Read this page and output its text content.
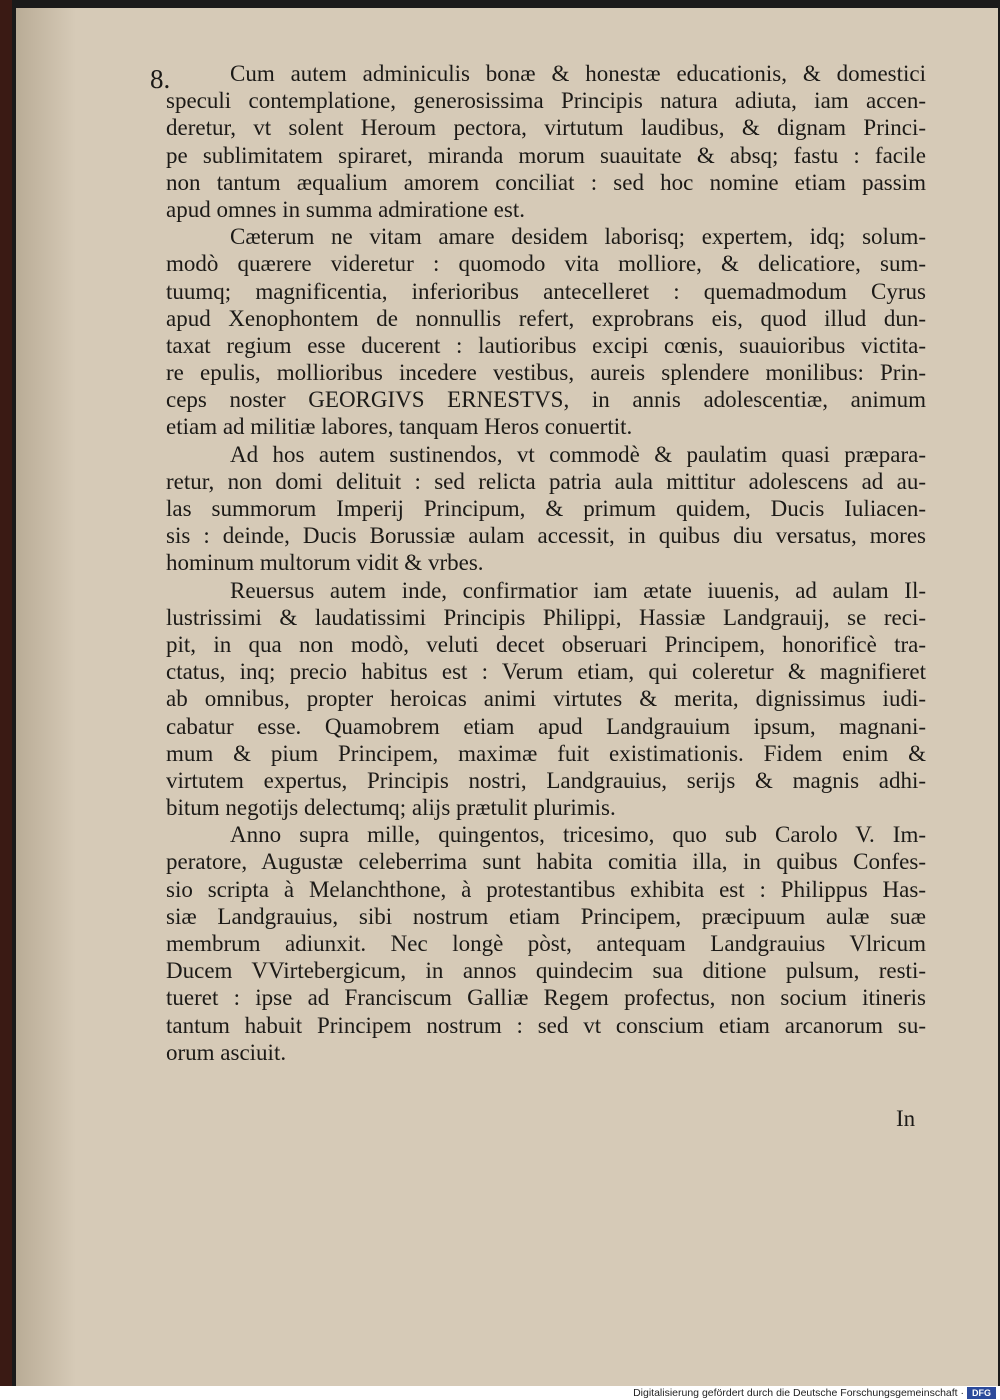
8.	Cum autem adminiculis bonæ & honestæ educationis, & domestici
speculi contemplatione, generosissima Principis natura adiuta, iam accen-
deretur, vt solent Heroum pectora, virtutum laudibus, & dignam Princi-
pe sublimitatem spiraret, miranda morum suauitate & absq; fastu : facile
non tantum æqualium amorem conciliat : sed hoc nomine etiam passim
apud omnes in summa admiratione est.
Cæterum ne vitam amare desidem laborisq; expertem, idq; solum-
modò quærere videretur : quomodo vita molliore, & delicatiore, sum-
tuumq; magnificentia, inferioribus antecelleret : quemadmodum Cyrus
apud Xenophontem de nonnullis refert, exprobrans eis, quod illud dun-
taxat regium esse ducerent : lautioribus excipi cœnis, suauioribus victita-
re epulis, mollioribus incedere vestibus, aureis splendere monilibus: Prin-
ceps noster GEORGIVS ERNESTVS, in annis adolescentiæ, animum
etiam ad militiæ labores, tanquam Heros conuertit.
Ad hos autem sustinendos, vt commodè & paulatim quasi præpara-
retur, non domi delituit : sed relicta patria aula mittitur adolescens ad au-
las summorum Imperij Principum, & primum quidem, Ducis Iuliacen-
sis : deinde, Ducis Borussiæ aulam accessit, in quibus diu versatus, mores
hominum multorum vidit & vrbes.
Reuersus autem inde, confirmatior iam ætate iuuenis, ad aulam Il-
lustrissimi & laudatissimi Principis Philippi, Hassiæ Landgrauij, se reci-
pit, in qua non modò, veluti decet obseruari Principem, honorificè tra-
ctatus, inq; precio habitus est : Verum etiam, qui coleretur & magnifieret
ab omnibus, propter heroicas animi virtutes & merita, dignissimus iudi-
cabatur esse. Quamobrem etiam apud Landgrauium ipsum, magnani-
mum & pium Principem, maximæ fuit existimationis. Fidem enim &
virtutem expertus, Principis nostri, Landgrauius, serijs & magnis adhi-
bitum negotijs delectumq; alijs prætulit plurimis.
Anno supra mille, quingentos, tricesimo, quo sub Carolo V. Im-
peratore, Augustæ celeberrima sunt habita comitia illa, in quibus Confes-
sio scripta à Melanchthone, à protestantibus exhibita est : Philippus Has-
siæ Landgrauius, sibi nostrum etiam Principem, præcipuum aulæ suæ
membrum adiunxit. Nec longè pòst, antequam Landgrauius Vlricum
Ducem VVirtebergicum, in annos quindecim sua ditione pulsum, resti-
tueret : ipse ad Franciscum Galliæ Regem profectus, non socium itineris
tantum habuit Principem nostrum : sed vt conscium etiam arcanorum su-
orum asciuit.
In
Digitalisierung gefördert durch die Deutsche Forschungsgemeinschaft · DFG
